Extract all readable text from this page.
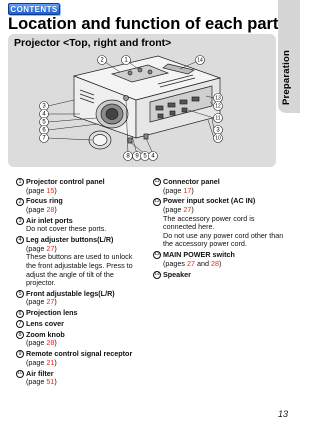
CONTENTS
Location and function of each part
Preparation
Projector <Top, right and front>
2	1	14
3
4
5
6
7
8 9 5 4
13
12
11
3
10
1 Projector control panel
(page 15)
2 Focus ring
(page 28)
3 Air inlet ports
Do not cover these ports.
4 Leg adjuster buttons(L/R)
(page 27)
These buttons are used to unlock the front adjustable legs. Press to adjust the angle of tilt of the projector.
5 Front adjustable legs(L/R)
(page 27)
6 Projection lens
7 Lens cover
8 Zoom knob
(page 28)
9 Remote control signal receptor
(page 21)
10 Air filter
(page 51)
11 Connector panel
(page 17)
12 Power input socket (AC IN)
(page 27)
The accessory power cord is connected here.
Do not use any power cord other than the accessory power cord.
13 MAIN POWER switch
(pages 27 and 28)
14 Speaker
13
